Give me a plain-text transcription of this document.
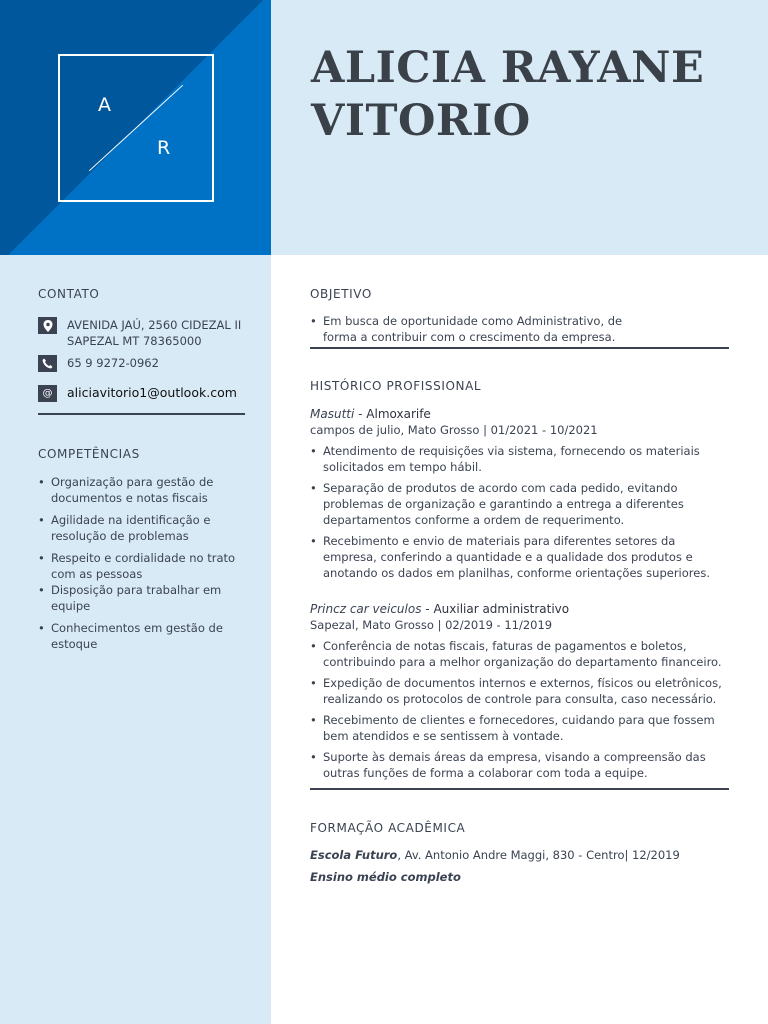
A
R
ALICIA RAYANE VITORIO
CONTATO
AVENIDA JAÚ, 2560 CIDEZAL II
SAPEZAL MT 78365000
65 9 9272-0962
@	aliciavitorio1@outlook.com
COMPETÊNCIAS
• Organização para gestão de documentos e notas fiscais
• Agilidade na identificação e resolução de problemas
• Respeito e cordialidade no trato com as pessoas
• Disposição para trabalhar em equipe
• Conhecimentos em gestão de estoque
OBJETIVO
• Em busca de oportunidade como Administrativo, de forma a contribuir com o crescimento da empresa.
HISTÓRICO PROFISSIONAL
Masutti - Almoxarife
campos de julio, Mato Grosso | 01/2021 - 10/2021
• Atendimento de requisições via sistema, fornecendo os materiais solicitados em tempo hábil.
• Separação de produtos de acordo com cada pedido, evitando problemas de organização e garantindo a entrega a diferentes departamentos conforme a ordem de requerimento.
• Recebimento e envio de materiais para diferentes setores da empresa, conferindo a quantidade e a qualidade dos produtos e anotando os dados em planilhas, conforme orientações superiores.
Princz car veiculos - Auxiliar administrativo
Sapezal, Mato Grosso | 02/2019 - 11/2019
• Conferência de notas fiscais, faturas de pagamentos e boletos, contribuindo para a melhor organização do departamento financeiro.
• Expedição de documentos internos e externos, físicos ou eletrônicos, realizando os protocolos de controle para consulta, caso necessário.
• Recebimento de clientes e fornecedores, cuidando para que fossem bem atendidos e se sentissem à vontade.
• Suporte às demais áreas da empresa, visando a compreensão das outras funções de forma a colaborar com toda a equipe.
FORMAÇÃO ACADÊMICA
Escola Futuro, Av. Antonio Andre Maggi, 830 - Centro| 12/2019
Ensino médio completo
